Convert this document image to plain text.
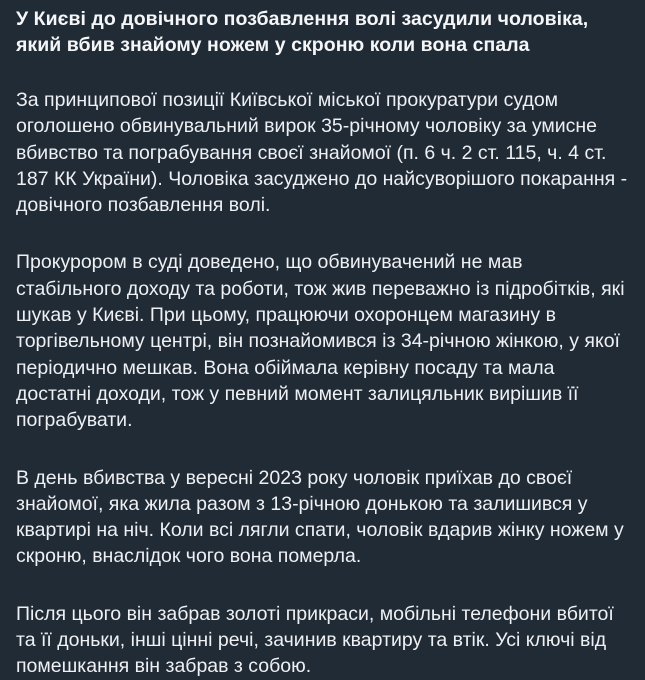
У Києві до довічного позбавлення волі засудили чоловіка, який вбив знайому ножем у скроню коли вона спала

За принципової позиції Київської міської прокуратури судом оголошено обвинувальний вирок 35-річному чоловіку за умисне вбивство та пограбування своєї знайомої (п. 6 ч. 2 ст. 115, ч. 4 ст. 187 КК України). Чоловіка засуджено до найсуворішого покарання - довічного позбавлення волі.

Прокурором в суді доведено, що обвинувачений не мав стабільного доходу та роботи, тож жив переважно із підробітків, які шукав у Києві. При цьому, працюючи охоронцем магазину в торгівельному центрі, він познайомився із 34-річною жінкою, у якої періодично мешкав. Вона обіймала керівну посаду та мала достатні доходи, тож у певний момент залицяльник вирішив її пограбувати.

В день вбивства у вересні 2023 року чоловік приїхав до своєї знайомої, яка жила разом з 13-річною донькою та залишився у квартирі на ніч. Коли всі лягли спати, чоловік вдарив жінку ножем у скроню, внаслідок чого вона померла.

Після цього він забрав золоті прикраси, мобільні телефони вбитої та її доньки, інші цінні речі, зачинив квартиру та втік. Усі ключі від помешкання він забрав з собою.
